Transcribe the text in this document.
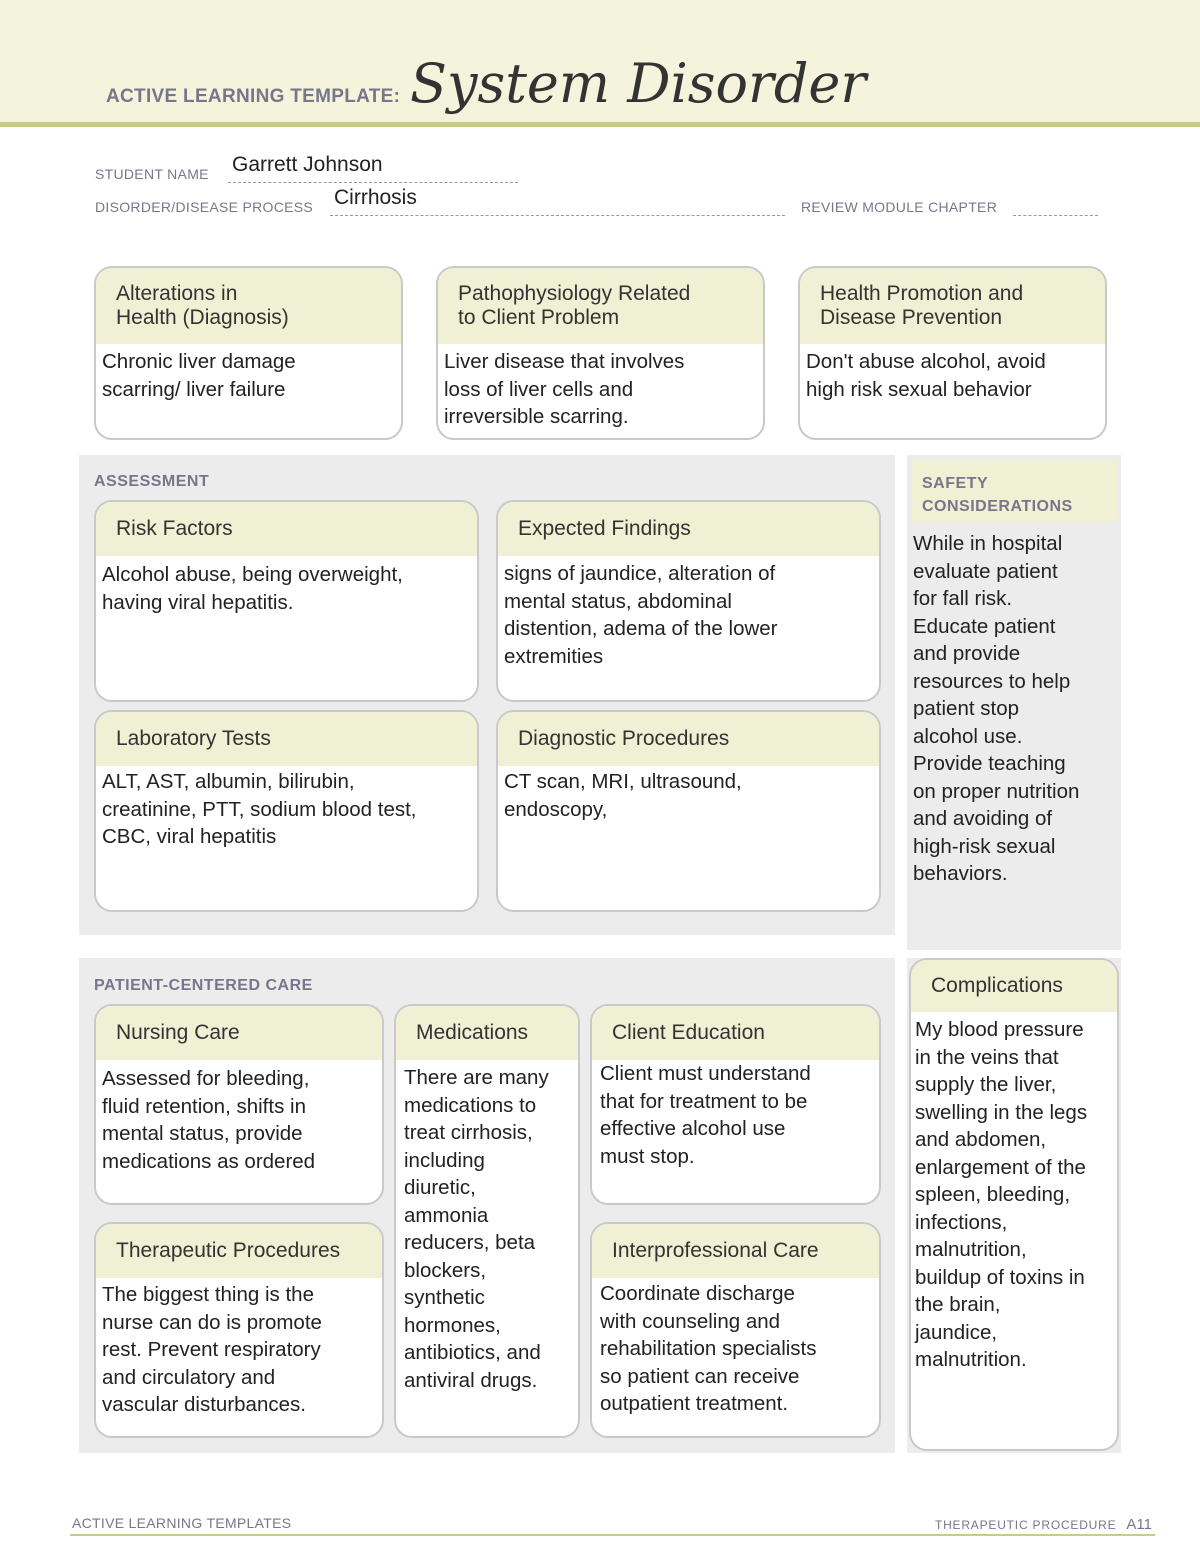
ACTIVE LEARNING TEMPLATE: System Disorder
STUDENT NAME Garrett Johnson
DISORDER/DISEASE PROCESS Cirrhosis	REVIEW MODULE CHAPTER
Alterations in
Health (Diagnosis)
Chronic liver damage
scarring/ liver failure
Pathophysiology Related
to Client Problem
Liver disease that involves
loss of liver cells and
irreversible scarring.
Health Promotion and
Disease Prevention
Don't abuse alcohol, avoid
high risk sexual behavior
ASSESSMENT
Risk Factors
Alcohol abuse, being overweight,
having viral hepatitis.
Expected Findings
signs of jaundice, alteration of
mental status, abdominal
distention, adema of the lower
extremities
Laboratory Tests
ALT, AST, albumin, bilirubin,
creatinine, PTT, sodium blood test,
CBC, viral hepatitis
Diagnostic Procedures
CT scan, MRI, ultrasound,
endoscopy,
SAFETY
CONSIDERATIONS
While in hospital
evaluate patient
for fall risk.
Educate patient
and provide
resources to help
patient stop
alcohol use.
Provide teaching
on proper nutrition
and avoiding of
high-risk sexual
behaviors.
PATIENT-CENTERED CARE
Nursing Care
Assessed for bleeding,
fluid retention, shifts in
mental status, provide
medications as ordered
Medications
There are many
medications to
treat cirrhosis,
including
diuretic,
ammonia
reducers, beta
blockers,
synthetic
hormones,
antibiotics, and
antiviral drugs.
Client Education
Client must understand
that for treatment to be
effective alcohol use
must stop.
Therapeutic Procedures
The biggest thing is the
nurse can do is promote
rest. Prevent respiratory
and circulatory and
vascular disturbances.
Interprofessional Care
Coordinate discharge
with counseling and
rehabilitation specialists
so patient can receive
outpatient treatment.
Complications
My blood pressure
in the veins that
supply the liver,
swelling in the legs
and abdomen,
enlargement of the
spleen, bleeding,
infections,
malnutrition,
buildup of toxins in
the brain,
jaundice,
malnutrition.
ACTIVE LEARNING TEMPLATES	THERAPEUTIC PROCEDURE A11
